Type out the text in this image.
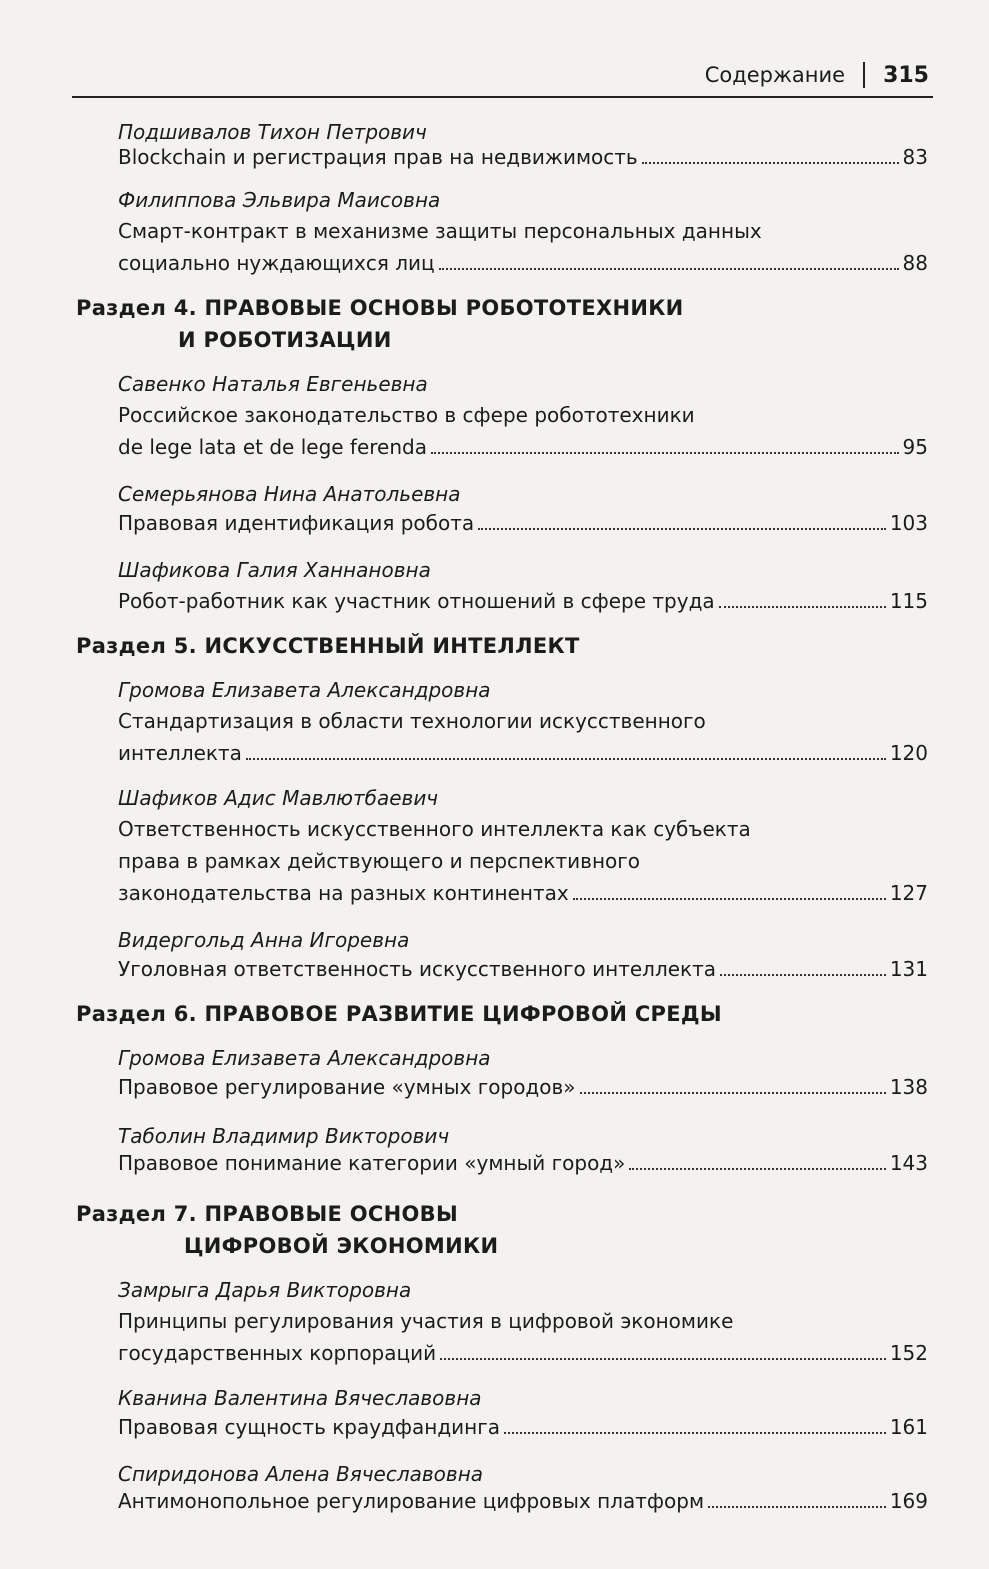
Содержание 315
Подшивалов Тихон Петрович
Blockchain и регистрация прав на недвижимость	83
Филиппова Эльвира Маисовна
Смарт-контракт в механизме защиты персональных данных
социально нуждающихся лиц	88
Раздел 4. ПРАВОВЫЕ ОСНОВЫ РОБОТОТЕХНИКИ
И РОБОТИЗАЦИИ
Савенко Наталья Евгеньевна
Российское законодательство в сфере робототехники
de lege lata et de lege ferenda	95
Семерьянова Нина Анатольевна
Правовая идентификация робота	103
Шафикова Галия Ханнановна
Робот-работник как участник отношений в сфере труда	115
Раздел 5. ИСКУССТВЕННЫЙ ИНТЕЛЛЕКТ
Громова Елизавета Александровна
Стандартизация в области технологии искусственного
интеллекта	120
Шафиков Адис Мавлютбаевич
Ответственность искусственного интеллекта как субъекта
права в рамках действующего и перспективного
законодательства на разных континентах	127
Видергольд Анна Игоревна
Уголовная ответственность искусственного интеллекта	131
Раздел 6. ПРАВОВОЕ РАЗВИТИЕ ЦИФРОВОЙ СРЕДЫ
Громова Елизавета Александровна
Правовое регулирование «умных городов»	138
Таболин Владимир Викторович
Правовое понимание категории «умный город»	143
Раздел 7. ПРАВОВЫЕ ОСНОВЫ
ЦИФРОВОЙ ЭКОНОМИКИ
Замрыга Дарья Викторовна
Принципы регулирования участия в цифровой экономике
государственных корпораций	152
Кванина Валентина Вячеславовна
Правовая сущность краудфандинга	161
Спиридонова Алена Вячеславовна
Антимонопольное регулирование цифровых платформ	169
